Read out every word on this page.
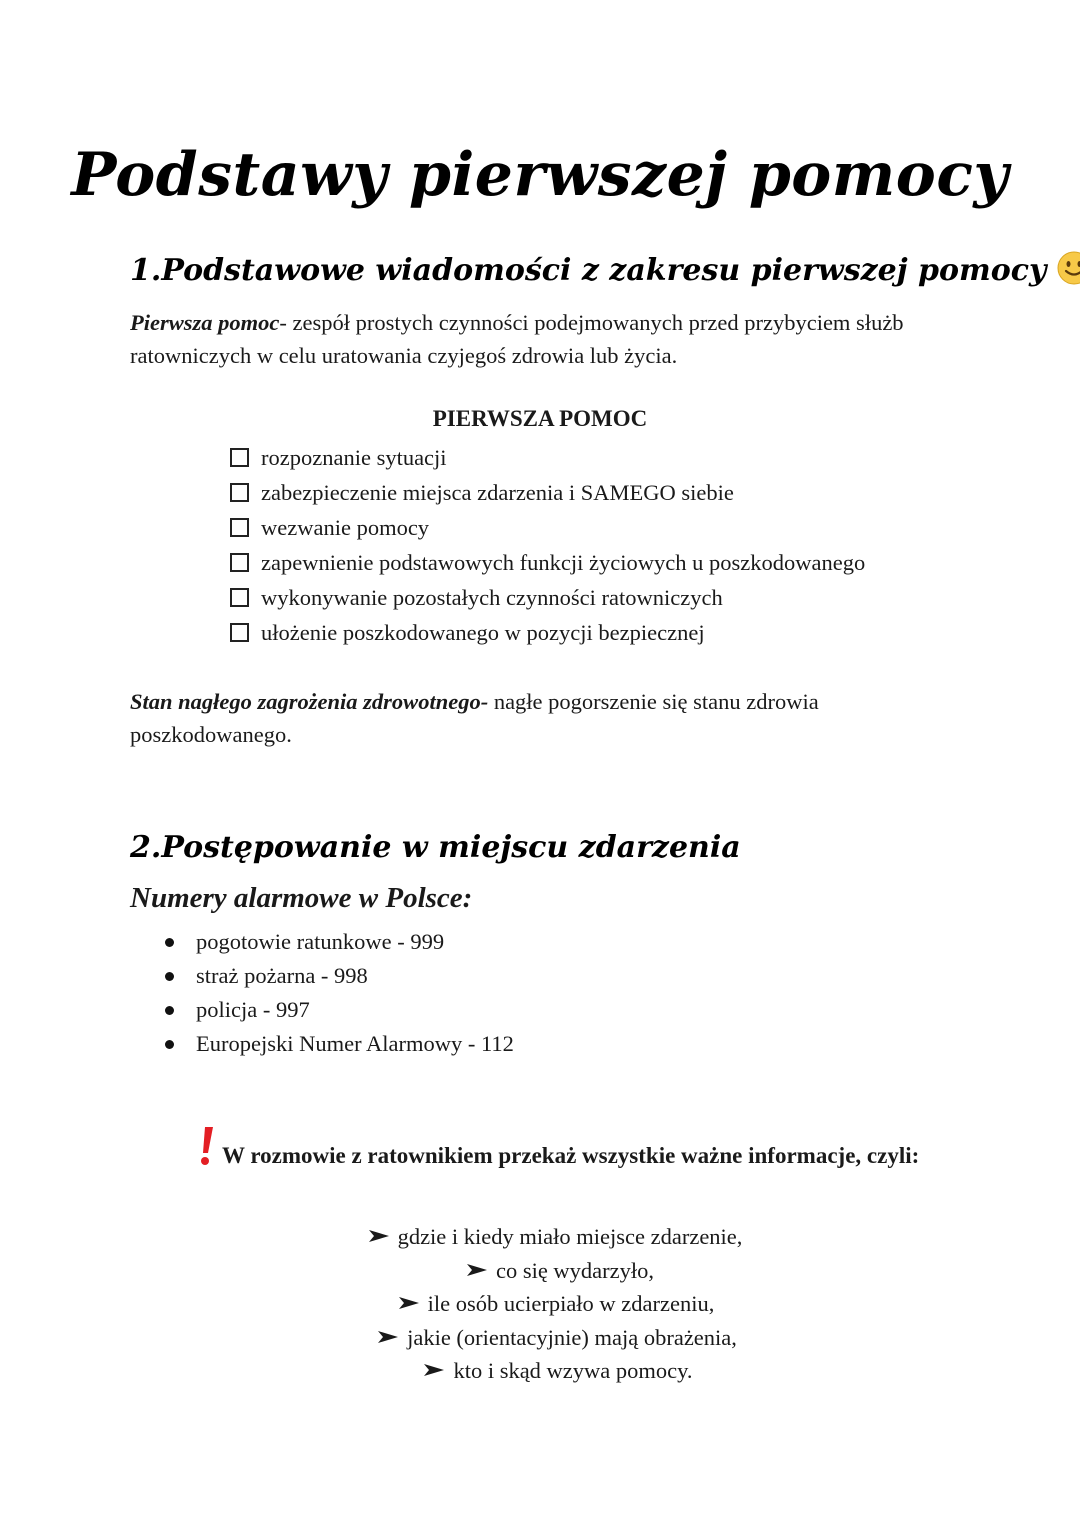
Podstawy pierwszej pomocy
1.Podstawowe wiadomości z zakresu pierwszej pomocy

Pierwsza pomoc- zespół prostych czynności podejmowanych przed przybyciem służb ratowniczych w celu uratowania czyjegoś zdrowia lub życia.

PIERWSZA POMOC
rozpoznanie sytuacji
zabezpieczenie miejsca zdarzenia i SAMEGO siebie
wezwanie pomocy
zapewnienie podstawowych funkcji życiowych u poszkodowanego
wykonywanie pozostałych czynności ratowniczych
ułożenie poszkodowanego w pozycji bezpiecznej

Stan nagłego zagrożenia zdrowotnego- nagłe pogorszenie się stanu zdrowia poszkodowanego.

2.Postępowanie w miejscu zdarzenia
Numery alarmowe w Polsce:
pogotowie ratunkowe - 999
straż pożarna - 998
policja - 997
Europejski Numer Alarmowy - 112

W rozmowie z ratownikiem przekaż wszystkie ważne informacje, czyli:

gdzie i kiedy miało miejsce zdarzenie,
co się wydarzyło,
ile osób ucierpiało w zdarzeniu,
jakie (orientacyjnie) mają obrażenia,
kto i skąd wzywa pomocy.
